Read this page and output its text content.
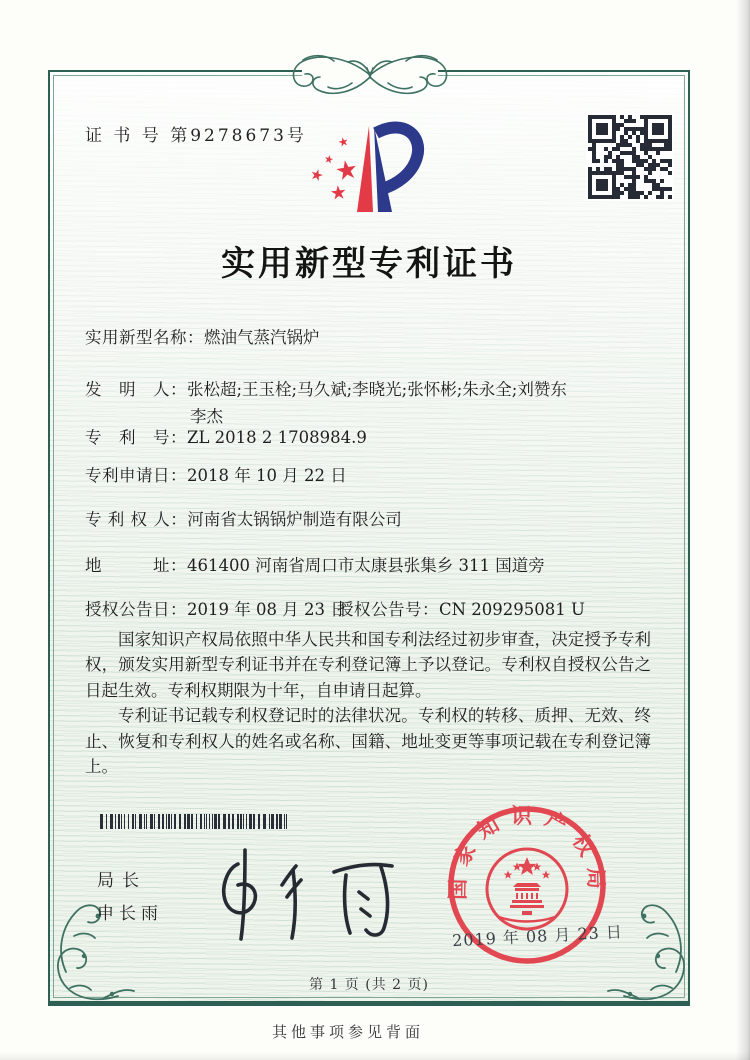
证 书 号 第9278673号 ★
★
★
★
★
实用新型专利证书
实用新型名称：燃油气蒸汽锅炉
发　明　人：张松超;王玉栓;马久斌;李晓光;张怀彬;朱永全;刘赞东
李杰
专　利　号：ZL 2018 2 1708984.9
专利申请日：2018 年 10 月 22 日
专 利 权 人：河南省太锅锅炉制造有限公司
地　　　址：461400 河南省周口市太康县张集乡 311 国道旁
授权公告日：2019 年 08 月 23 日
授权公告号：CN 209295081 U

国家知识产权局依照中华人民共和国专利法经过初步审查，决定授予专利权，颁发实用新型专利证书并在专利登记簿上予以登记。专利权自授权公告之日起生效。专利权期限为十年，自申请日起算。

专利证书记载专利权登记时的法律状况。专利权的转移、质押、无效、终止、恢复和专利权人的姓名或名称、国籍、地址变更等事项记载在专利登记簿上。

局长
申长雨
国家知识产权局
2019 年 08 月 23 日
第 1 页 (共 2 页)
其他事项参见背面
